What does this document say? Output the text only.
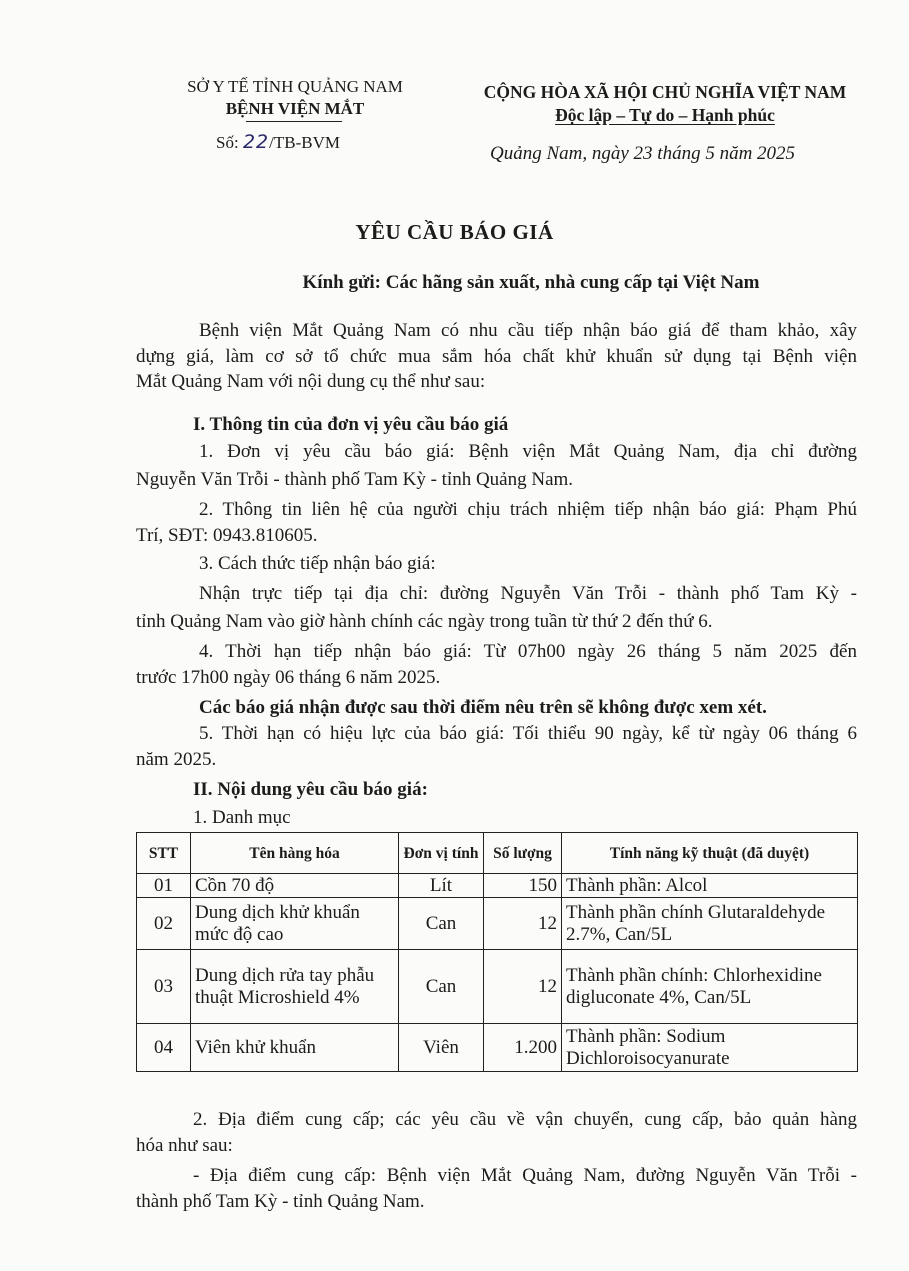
SỞ Y TẾ TỈNH QUẢNG NAM
BỆNH VIỆN MẮT
Số: 22/TB-BVM
CỘNG HÒA XÃ HỘI CHỦ NGHĨA VIỆT NAM
Độc lập – Tự do – Hạnh phúc
Quảng Nam, ngày 23 tháng 5 năm 2025
YÊU CẦU BÁO GIÁ
Kính gửi: Các hãng sản xuất, nhà cung cấp tại Việt Nam
Bệnh viện Mắt Quảng Nam có nhu cầu tiếp nhận báo giá để tham khảo, xây
dựng giá, làm cơ sở tổ chức mua sắm hóa chất khử khuẩn sử dụng tại Bệnh viện
Mắt Quảng Nam với nội dung cụ thể như sau:
I. Thông tin của đơn vị yêu cầu báo giá
1. Đơn vị yêu cầu báo giá: Bệnh viện Mắt Quảng Nam, địa chỉ đường
Nguyễn Văn Trỗi - thành phố Tam Kỳ - tỉnh Quảng Nam.
2. Thông tin liên hệ của người chịu trách nhiệm tiếp nhận báo giá: Phạm Phú
Trí, SĐT: 0943.810605.
3. Cách thức tiếp nhận báo giá:
Nhận trực tiếp tại địa chỉ: đường Nguyễn Văn Trỗi - thành phố Tam Kỳ -
tỉnh Quảng Nam vào giờ hành chính các ngày trong tuần từ thứ 2 đến thứ 6.
4. Thời hạn tiếp nhận báo giá: Từ 07h00 ngày 26 tháng 5 năm 2025 đến
trước 17h00 ngày 06 tháng 6 năm 2025.
Các báo giá nhận được sau thời điểm nêu trên sẽ không được xem xét.
5. Thời hạn có hiệu lực của báo giá: Tối thiểu 90 ngày, kể từ ngày 06 tháng 6
năm 2025.
II. Nội dung yêu cầu báo giá:
1. Danh mục
STT	Tên hàng hóa	Đơn vị tính	Số lượng	Tính năng kỹ thuật (đã duyệt)
01	Cồn 70 độ	Lít	150	Thành phần: Alcol
02	Dung dịch khử khuẩn mức độ cao	Can	12	Thành phần chính Glutaraldehyde 2.7%, Can/5L
03	Dung dịch rửa tay phẫu thuật Microshield 4%	Can	12	Thành phần chính: Chlorhexidine digluconate 4%, Can/5L
04	Viên khử khuẩn	Viên	1.200	Thành phần: Sodium Dichloroisocyanurate
2. Địa điểm cung cấp; các yêu cầu về vận chuyển, cung cấp, bảo quản hàng
hóa như sau:
- Địa điểm cung cấp: Bệnh viện Mắt Quảng Nam, đường Nguyễn Văn Trỗi -
thành phố Tam Kỳ - tỉnh Quảng Nam.
